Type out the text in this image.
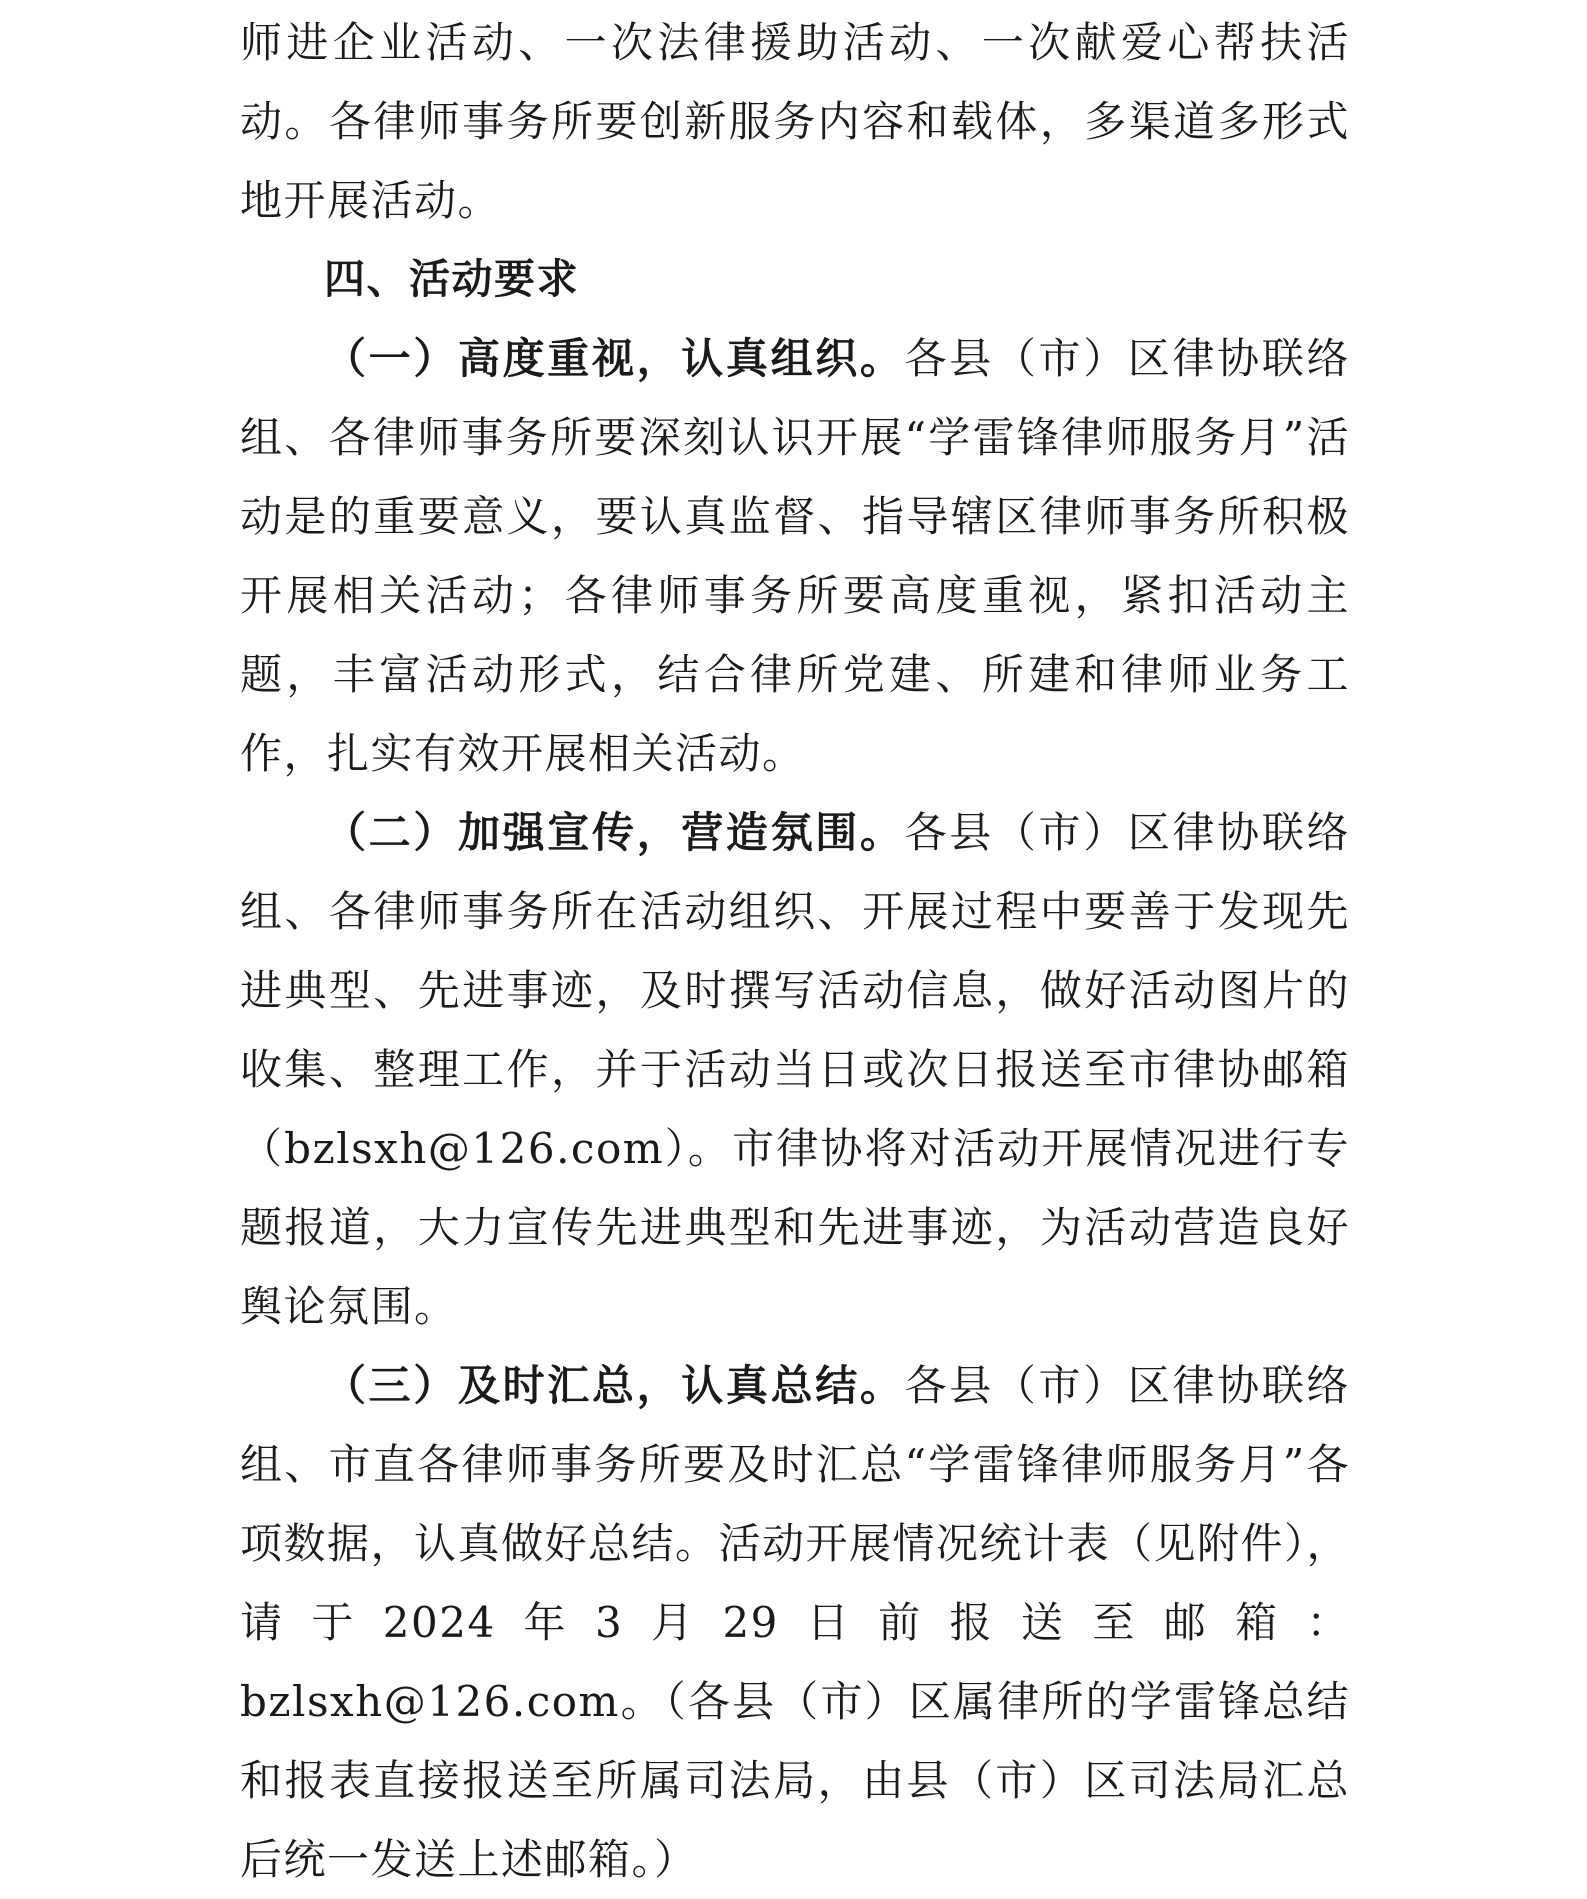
师进企业活动、一次法律援助活动、一次献爱心帮扶活动。各律师事务所要创新服务内容和载体，多渠道多形式地开展活动。

四、活动要求

（一）高度重视，认真组织。各县（市）区律协联络组、各律师事务所要深刻认识开展“学雷锋律师服务月”活动是的重要意义，要认真监督、指导辖区律师事务所积极开展相关活动；各律师事务所要高度重视，紧扣活动主题，丰富活动形式，结合律所党建、所建和律师业务工作，扎实有效开展相关活动。

（二）加强宣传，营造氛围。各县（市）区律协联络组、各律师事务所在活动组织、开展过程中要善于发现先进典型、先进事迹，及时撰写活动信息，做好活动图片的收集、整理工作，并于活动当日或次日报送至市律协邮箱（bzlsxh@126.com）。市律协将对活动开展情况进行专题报道，大力宣传先进典型和先进事迹，为活动营造良好舆论氛围。

（三）及时汇总，认真总结。各县（市）区律协联络组、市直各律师事务所要及时汇总“学雷锋律师服务月”各项数据，认真做好总结。活动开展情况统计表（见附件），请于2024年3月29日前报送至邮箱：bzlsxh@126.com。（各县（市）区属律所的学雷锋总结和报表直接报送至所属司法局，由县（市）区司法局汇总后统一发送上述邮箱。）
